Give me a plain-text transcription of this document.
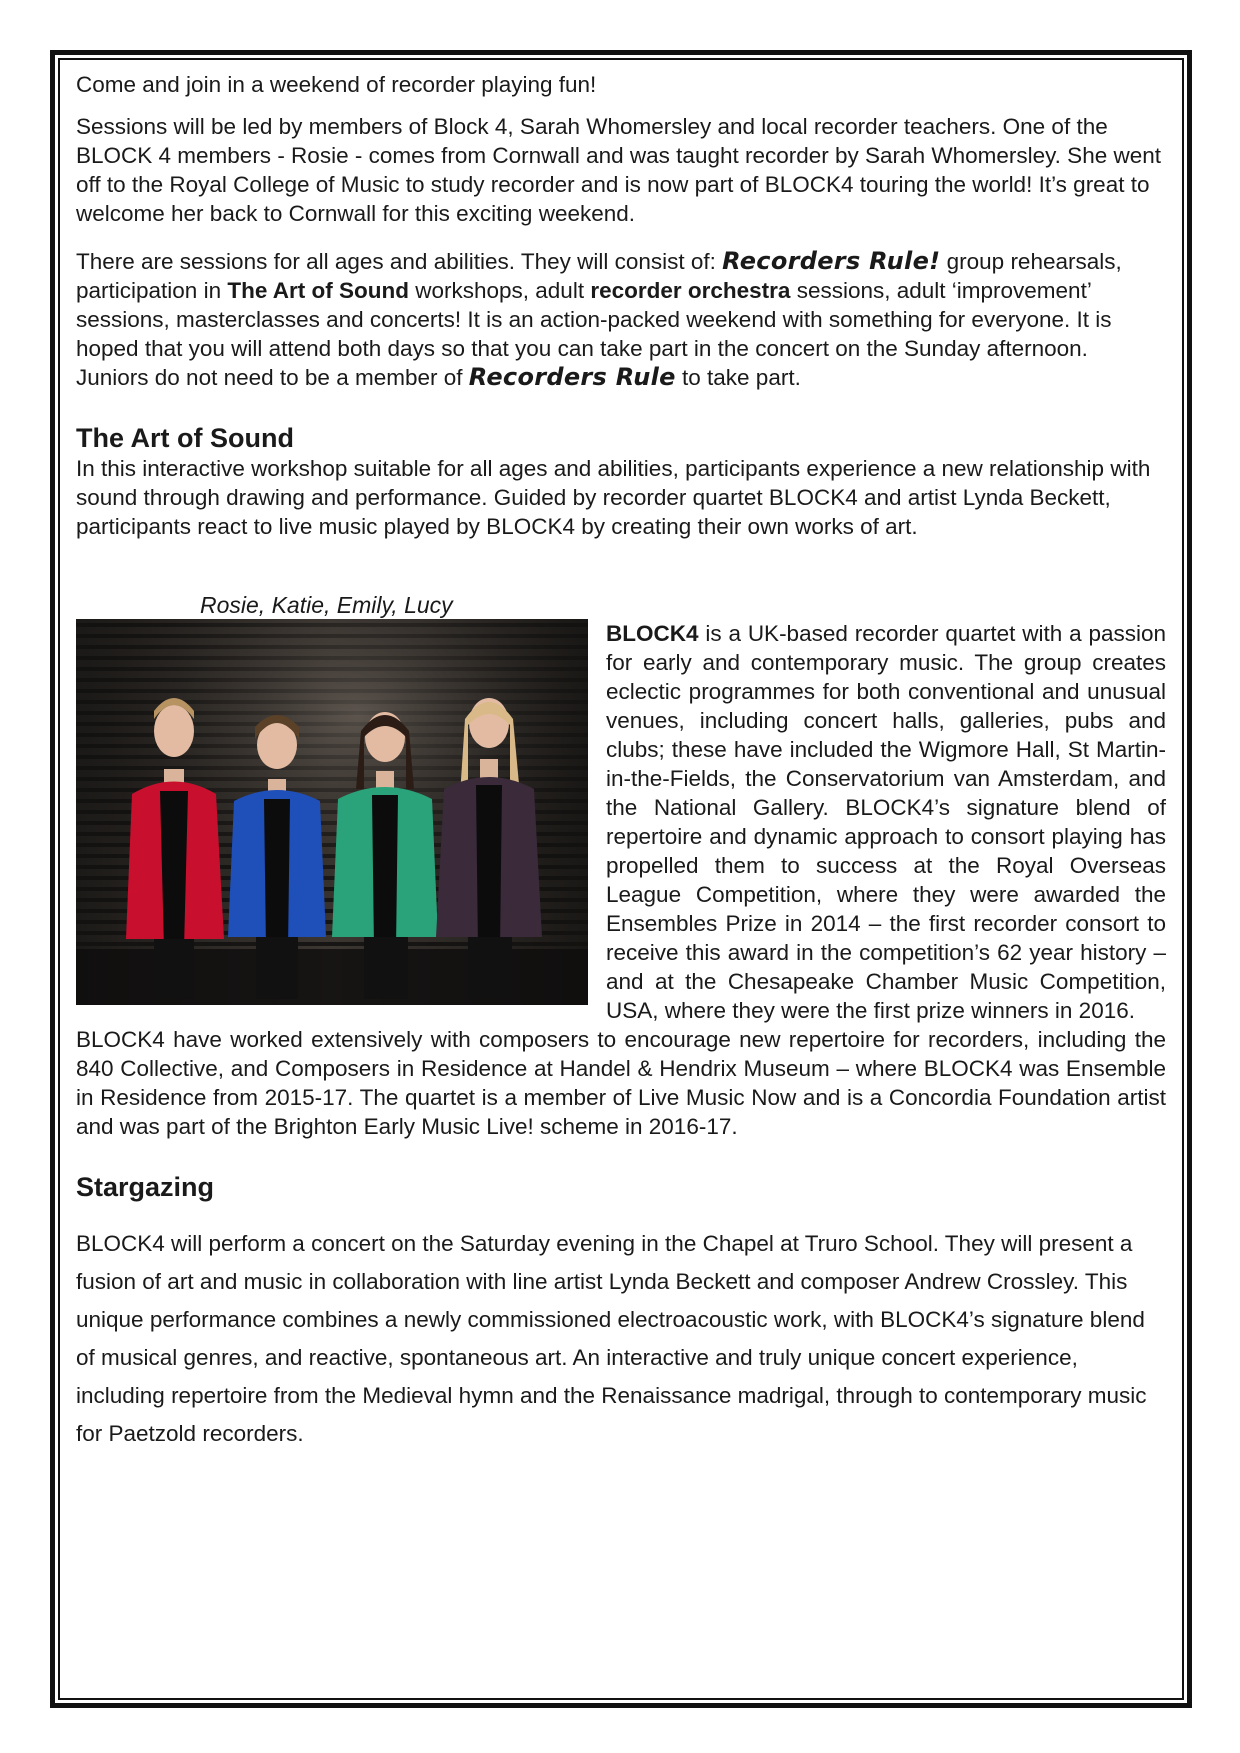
Come and join in a weekend of recorder playing fun!

Sessions will be led by members of Block 4, Sarah Whomersley and local recorder teachers. One of the BLOCK 4 members - Rosie - comes from Cornwall and was taught recorder by Sarah Whomersley. She went off to the Royal College of Music to study recorder and is now part of BLOCK4 touring the world! It’s great to welcome her back to Cornwall for this exciting weekend.

There are sessions for all ages and abilities. They will consist of: Recorders Rule! group rehearsals, participation in The Art of Sound workshops, adult recorder orchestra sessions, adult ‘improvement’ sessions, masterclasses and concerts! It is an action-packed weekend with something for everyone. It is hoped that you will attend both days so that you can take part in the concert on the Sunday afternoon. Juniors do not need to be a member of Recorders Rule to take part.

The Art of Sound

In this interactive workshop suitable for all ages and abilities, participants experience a new relationship with sound through drawing and performance. Guided by recorder quartet BLOCK4 and artist Lynda Beckett, participants react to live music played by BLOCK4 by creating their own works of art.

Rosie, Katie, Emily, Lucy

BLOCK4 is a UK-based recorder quartet with a passion for early and contemporary music. The group creates eclectic programmes for both conventional and unusual venues, including concert halls, galleries, pubs and clubs; these have included the Wigmore Hall, St Martin-in-the-Fields, the Conservatorium van Amsterdam, and the National Gallery. BLOCK4’s signature blend of repertoire and dynamic approach to consort playing has propelled them to success at the Royal Overseas League Competition, where they were awarded the Ensembles Prize in 2014 – the first recorder consort to receive this award in the competition’s 62 year history – and at the Chesapeake Chamber Music Competition, USA, where they were the first prize winners in 2016.

BLOCK4 have worked extensively with composers to encourage new repertoire for recorders, including the 840 Collective, and Composers in Residence at Handel & Hendrix Museum – where BLOCK4 was Ensemble in Residence from 2015-17. The quartet is a member of Live Music Now and is a Concordia Foundation artist and was part of the Brighton Early Music Live! scheme in 2016-17.

Stargazing

BLOCK4 will perform a concert on the Saturday evening in the Chapel at Truro School. They will present a fusion of art and music in collaboration with line artist Lynda Beckett and composer Andrew Crossley. This unique performance combines a newly commissioned electroacoustic work, with BLOCK4’s signature blend of musical genres, and reactive, spontaneous art. An interactive and truly unique concert experience, including repertoire from the Medieval hymn and the Renaissance madrigal, through to contemporary music for Paetzold recorders.
